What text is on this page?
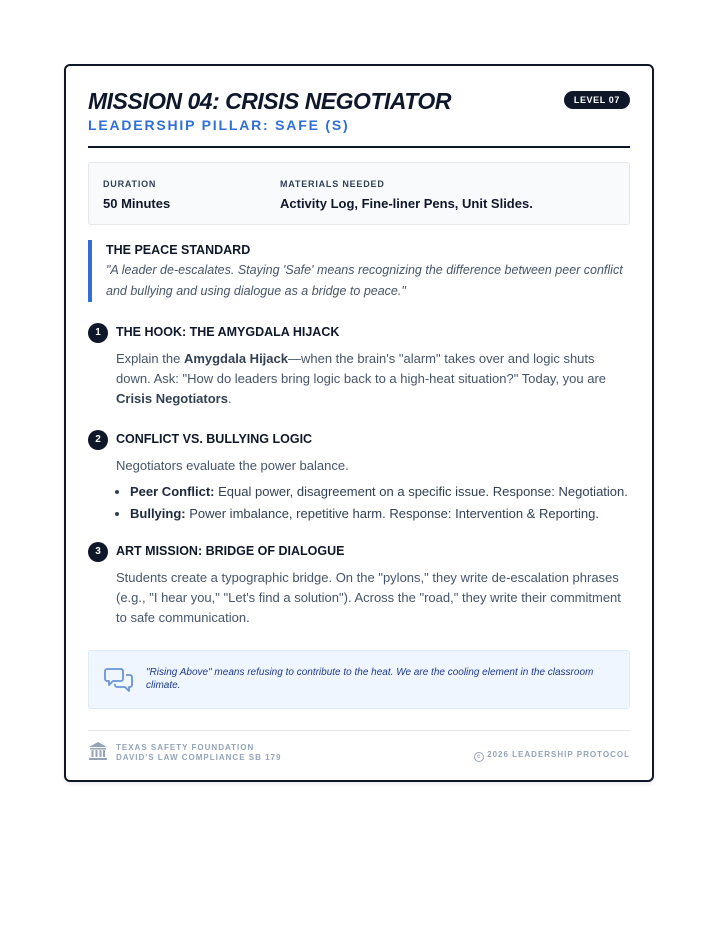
MISSION 04: CRISIS NEGOTIATOR	LEVEL 07
LEADERSHIP PILLAR: SAFE (S)
DURATION
50 Minutes
MATERIALS NEEDED
Activity Log, Fine-liner Pens, Unit Slides.
THE PEACE STANDARD
"A leader de-escalates. Staying 'Safe' means recognizing the difference between peer conflict and bullying and using dialogue as a bridge to peace."
1	THE HOOK: THE AMYGDALA HIJACK
Explain the Amygdala Hijack—when the brain's "alarm" takes over and logic shuts down. Ask: "How do leaders bring logic back to a high-heat situation?" Today, you are Crisis Negotiators.
2	CONFLICT VS. BULLYING LOGIC
Negotiators evaluate the power balance.
• Peer Conflict: Equal power, disagreement on a specific issue. Response: Negotiation.
• Bullying: Power imbalance, repetitive harm. Response: Intervention & Reporting.
3	ART MISSION: BRIDGE OF DIALOGUE
Students create a typographic bridge. On the "pylons," they write de-escalation phrases (e.g., "I hear you," "Let's find a solution"). Across the "road," they write their commitment to safe communication.
"Rising Above" means refusing to contribute to the heat. We are the cooling element in the classroom climate.
TEXAS SAFETY FOUNDATION
DAVID'S LAW COMPLIANCE SB 179	c 2026 LEADERSHIP PROTOCOL
